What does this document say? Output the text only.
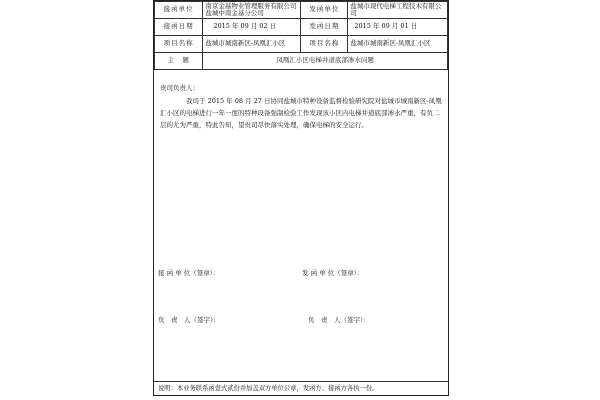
接函单位	南京金基物业管理服务有限公司盐城中南金基分公司	发函单位	盐城市现代电梯工程技术有限公司
接函日期	2015 年 09 月 02 日	发函日期	2015 年 09 月 01 日
项目名称	盐城市城南新区-凤凰汇小区	项目名称	盐城市城南新区-凤凰汇小区
主　题	凤凰汇小区电梯井道底部渗水问题		
贵司负责人：
我司于 2015 年 08 月 27 日协同盐城市特种设备监督检验研究院对盐城市城南新区-凤凰汇小区的电梯进行一年一度的特种设备强制检验工作发现该小区内电梯井道底部渗水严重，有负二层的尤为严重，特此告知，望贵司尽快落实处理，确保电梯的安全运行。
接 函 单 位（签章）：	发 函 单 位（签章）：
负　责　人（签字）：	负　责　人（签字）：
说明：本业务联系函壹式贰份并加盖双方单位公章，发函方、接函方各执一份。
